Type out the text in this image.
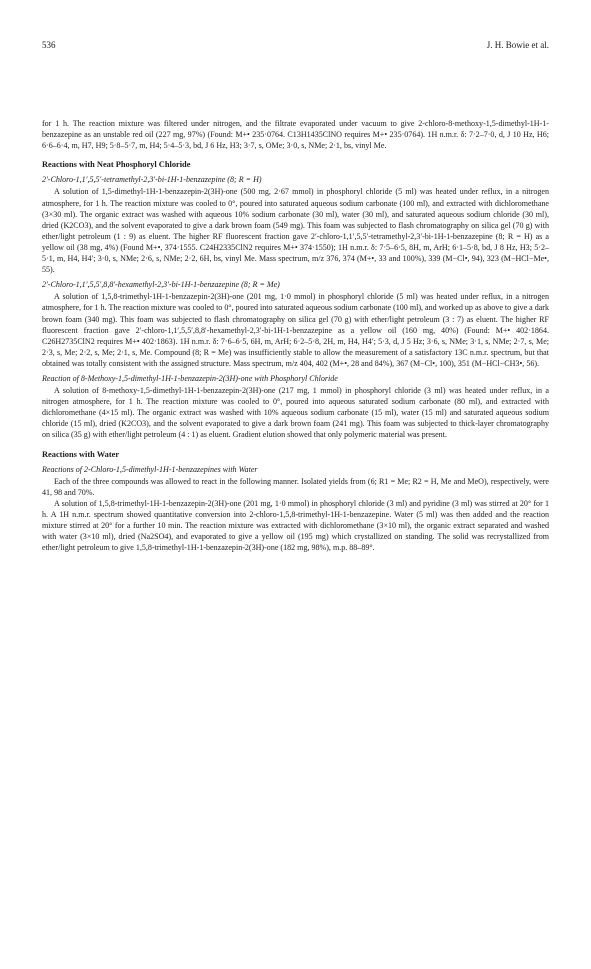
536	J. H. Bowie et al.

for 1 h. The reaction mixture was filtered under nitrogen, and the filtrate evaporated under vacuum to give 2-chloro-8-methoxy-1,5-dimethyl-1H-1-benzazepine as an unstable red oil (227 mg, 97%) (Found: M+• 235·0764. C13H1435ClNO requires M+• 235·0764). 1H n.m.r. δ: 7·2–7·0, d, J 10 Hz, H6; 6·6–6·4, m, H7, H9; 5·8–5·7, m, H4; 5·4–5·3, bd, J 6 Hz, H3; 3·7, s, OMe; 3·0, s, NMe; 2·1, bs, vinyl Me.

Reactions with Neat Phosphoryl Chloride
2′-Chloro-1,1′,5,5′-tetramethyl-2,3′-bi-1H-1-benzazepine (8; R = H)

A solution of 1,5-dimethyl-1H-1-benzazepin-2(3H)-one (500 mg, 2·67 mmol) in phosphoryl chloride (5 ml) was heated under reflux, in a nitrogen atmosphere, for 1 h. The reaction mixture was cooled to 0°, poured into saturated aqueous sodium carbonate (100 ml), and extracted with dichloromethane (3×30 ml). The organic extract was washed with aqueous 10% sodium carbonate (30 ml), water (30 ml), and saturated aqueous sodium chloride (30 ml), dried (K2CO3), and the solvent evaporated to give a dark brown foam (549 mg). This foam was subjected to flash chromatography on silica gel (70 g) with ether/light petroleum (1 : 9) as eluent. The higher RF fluorescent fraction gave 2′-chloro-1,1′,5,5′-tetramethyl-2,3′-bi-1H-1-benzazepine (8; R = H) as a yellow oil (38 mg, 4%) (Found M+•, 374·1555. C24H2335ClN2 requires M+• 374·1550); 1H n.m.r. δ: 7·5–6·5, 8H, m, ArH; 6·1–5·8, bd, J 8 Hz, H3; 5·2–5·1, m, H4, H4′; 3·0, s, NMe; 2·6, s, NMe; 2·2, 6H, bs, vinyl Me. Mass spectrum, m/z 376, 374 (M+•, 33 and 100%), 339 (M−Cl•, 94), 323 (M−HCl−Me•, 55).

2′-Chloro-1,1′,5,5′,8,8′-hexamethyl-2,3′-bi-1H-1-benzazepine (8; R = Me)

A solution of 1,5,8-trimethyl-1H-1-benzazepin-2(3H)-one (201 mg, 1·0 mmol) in phosphoryl chloride (5 ml) was heated under reflux, in a nitrogen atmosphere, for 1 h. The reaction mixture was cooled to 0°, poured into saturated aqueous sodium carbonate (100 ml), and worked up as above to give a dark brown foam (340 mg). This foam was subjected to flash chromatography on silica gel (70 g) with ether/light petroleum (3 : 7) as eluent. The higher RF fluorescent fraction gave 2′-chloro-1,1′,5,5′,8,8′-hexamethyl-2,3′-bi-1H-1-benzazepine as a yellow oil (160 mg, 40%) (Found: M+• 402·1864. C26H2735ClN2 requires M+• 402·1863). 1H n.m.r. δ: 7·6–6·5, 6H, m, ArH; 6·2–5·8, 2H, m, H4, H4′; 5·3, d, J 5 Hz; 3·6, s, NMe; 3·1, s, NMe; 2·7, s, Me; 2·3, s, Me; 2·2, s, Me; 2·1, s, Me. Compound (8; R = Me) was insufficiently stable to allow the measurement of a satisfactory 13C n.m.r. spectrum, but that obtained was totally consistent with the assigned structure. Mass spectrum, m/z 404, 402 (M+•, 28 and 84%), 367 (M−Cl•, 100), 351 (M−HCl−CH3•, 56).

Reaction of 8-Methoxy-1,5-dimethyl-1H-1-benzazepin-2(3H)-one with Phosphoryl Chloride

A solution of 8-methoxy-1,5-dimethyl-1H-1-benzazepin-2(3H)-one (217 mg, 1 mmol) in phosphoryl chloride (3 ml) was heated under reflux, in a nitrogen atmosphere, for 1 h. The reaction mixture was cooled to 0°, poured into aqueous saturated sodium carbonate (80 ml), and extracted with dichloromethane (4×15 ml). The organic extract was washed with 10% aqueous sodium carbonate (15 ml), water (15 ml) and saturated aqueous sodium chloride (15 ml), dried (K2CO3), and the solvent evaporated to give a dark brown foam (241 mg). This foam was subjected to thick-layer chromatography on silica (35 g) with ether/light petroleum (4 : 1) as eluent. Gradient elution showed that only polymeric material was present.

Reactions with Water
Reactions of 2-Chloro-1,5-dimethyl-1H-1-benzazepines with Water

Each of the three compounds was allowed to react in the following manner. Isolated yields from (6; R1 = Me; R2 = H, Me and MeO), respectively, were 41, 98 and 70%.

A solution of 1,5,8-trimethyl-1H-1-benzazepin-2(3H)-one (201 mg, 1·0 mmol) in phosphoryl chloride (3 ml) and pyridine (3 ml) was stirred at 20° for 1 h. A 1H n.m.r. spectrum showed quantitative conversion into 2-chloro-1,5,8-trimethyl-1H-1-benzazepine. Water (5 ml) was then added and the reaction mixture stirred at 20° for a further 10 min. The reaction mixture was extracted with dichloromethane (3×10 ml), the organic extract separated and washed with water (3×10 ml), dried (Na2SO4), and evaporated to give a yellow oil (195 mg) which crystallized on standing. The solid was recrystallized from ether/light petroleum to give 1,5,8-trimethyl-1H-1-benzazepin-2(3H)-one (182 mg, 98%), m.p. 88–89°.
